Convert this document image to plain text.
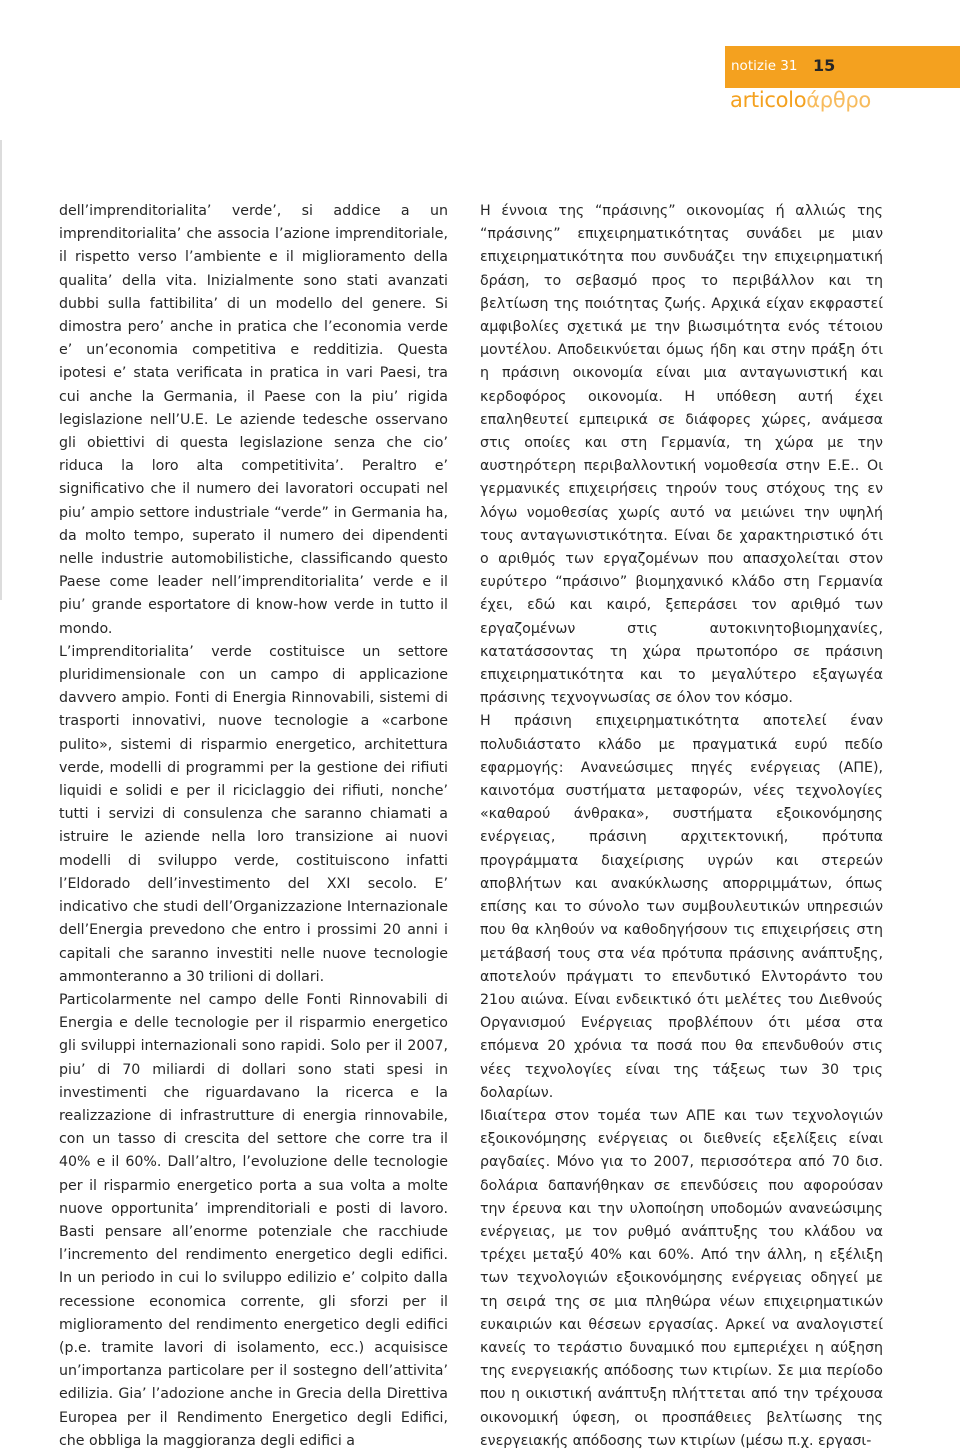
notizie 31 15
articoloάρθρο

dell’imprenditorialita’ verde’, si addice a un imprenditorialita’ che associa l’azione imprenditoriale, il rispetto verso l’ambiente e il miglioramento della qualita’ della vita. Inizialmente sono stati avanzati dubbi sulla fattibilita’ di un modello del genere. Si dimostra pero’ anche in pratica che l’economia verde e’ un’economia competitiva e redditizia. Questa ipotesi e’ stata verificata in pratica in vari Paesi, tra cui anche la Germania, il Paese con la piu’ rigida legislazione nell’U.E. Le aziende tedesche osservano gli obiettivi di questa legislazione senza che cio’ riduca la loro alta competitivita’. Peraltro e’ significativo che il numero dei lavoratori occupati nel piu’ ampio settore industriale “verde” in Germania ha, da molto tempo, superato il numero dei dipendenti nelle industrie automobilistiche, classificando questo Paese come leader nell’imprenditorialita’ verde e il piu’ grande esportatore di know-how verde in tutto il mondo.

L’imprenditorialita’ verde costituisce un settore pluridimensionale con un campo di applicazione davvero ampio. Fonti di Energia Rinnovabili, sistemi di trasporti innovativi, nuove tecnologie a «carbone pulito», sistemi di risparmio energetico, architettura verde, modelli di programmi per la gestione dei rifiuti liquidi e solidi e per il riciclaggio dei rifiuti, nonche’ tutti i servizi di consulenza che saranno chiamati a istruire le aziende nella loro transizione ai nuovi modelli di sviluppo verde, costituiscono infatti l’Eldorado dell’investimento del XXI secolo. E’ indicativo che studi dell’Organizzazione Internazionale dell’Energia prevedono che entro i prossimi 20 anni i capitali che saranno investiti nelle nuove tecnologie ammonteranno a 30 trilioni di dollari.

Particolarmente nel campo delle Fonti Rinnovabili di Energia e delle tecnologie per il risparmio energetico gli sviluppi internazionali sono rapidi. Solo per il 2007, piu’ di 70 miliardi di dollari sono stati spesi in investimenti che riguardavano la ricerca e la realizzazione di infrastrutture di energia rinnovabile, con un tasso di crescita del settore che corre tra il 40% e il 60%. Dall’altro, l’evoluzione delle tecnologie per il risparmio energetico porta a sua volta a molte nuove opportunita’ imprenditoriali e posti di lavoro. Basti pensare all’enorme potenziale che racchiude l’incremento del rendimento energetico degli edifici. In un periodo in cui lo sviluppo edilizio e’ colpito dalla recessione economica corrente, gli sforzi per il miglioramento del rendimento energetico degli edifici (p.e. tramite lavori di isolamento, ecc.) acquisisce un’importanza particolare per il sostegno dell’attivita’ edilizia. Gia’ l’adozione anche in Grecia della Direttiva Europea per il Rendimento Energetico degli Edifici, che obbliga la maggioranza degli edifici a

Η έννοια της “πράσινης” οικονομίας ή αλλιώς της “πράσινης” επιχειρηματικότητας συνάδει με μιαν επιχειρηματικότητα που συνδυάζει την επιχειρηματική δράση, το σεβασμό προς το περιβάλλον και τη βελτίωση της ποιότητας ζωής. Αρχικά είχαν εκφραστεί αμφιβολίες σχετικά με την βιωσιμότητα ενός τέτοιου μοντέλου. Αποδεικνύεται όμως ήδη και στην πράξη ότι η πράσινη οικονομία είναι μια ανταγωνιστική και κερδοφόρος οικονομία. Η υπόθεση αυτή έχει επαληθευτεί εμπειρικά σε διάφορες χώρες, ανάμεσα στις οποίες και στη Γερμανία, τη χώρα με την αυστηρότερη περιβαλλοντική νομοθεσία στην Ε.Ε.. Οι γερμανικές επιχειρήσεις τηρούν τους στόχους της εν λόγω νομοθεσίας χωρίς αυτό να μειώνει την υψηλή τους ανταγωνιστικότητα. Είναι δε χαρακτηριστικό ότι ο αριθμός των εργαζομένων που απασχολείται στον ευρύτερο “πράσινο” βιομηχανικό κλάδο στη Γερμανία έχει, εδώ και καιρό, ξεπεράσει τον αριθμό των εργαζομένων στις αυτοκινητοβιομηχανίες, κατατάσσοντας τη χώρα πρωτοπόρο σε πράσινη επιχειρηματικότητα και το μεγαλύτερο εξαγωγέα πράσινης τεχνογνωσίας σε όλον τον κόσμο.

Η πράσινη επιχειρηματικότητα αποτελεί έναν πολυδιάστατο κλάδο με πραγματικά ευρύ πεδίο εφαρμογής: Ανανεώσιμες πηγές ενέργειας (ΑΠΕ), καινοτόμα συστήματα μεταφορών, νέες τεχνολογίες «καθαρού άνθρακα», συστήματα εξοικονόμησης ενέργειας, πράσινη αρχιτεκτονική, πρότυπα προγράμματα διαχείρισης υγρών και στερεών αποβλήτων και ανακύκλωσης απορριμμάτων, όπως επίσης και το σύνολο των συμβουλευτικών υπηρεσιών που θα κληθούν να καθοδηγήσουν τις επιχειρήσεις στη μετάβασή τους στα νέα πρότυπα πράσινης ανάπτυξης, αποτελούν πράγματι το επενδυτικό Ελντοράντο του 21ου αιώνα. Είναι ενδεικτικό ότι μελέτες του Διεθνούς Οργανισμού Ενέργειας προβλέπουν ότι μέσα στα επόμενα 20 χρόνια τα ποσά που θα επενδυθούν στις νέες τεχνολογίες είναι της τάξεως των 30 τρις δολαρίων.

Ιδιαίτερα στον τομέα των ΑΠΕ και των τεχνολογιών εξοικονόμησης ενέργειας οι διεθνείς εξελίξεις είναι ραγδαίες. Μόνο για το 2007, περισσότερα από 70 δισ. δολάρια δαπανήθηκαν σε επενδύσεις που αφορούσαν την έρευνα και την υλοποίηση υποδομών ανανεώσιμης ενέργειας, με τον ρυθμό ανάπτυξης του κλάδου να τρέχει μεταξύ 40% και 60%. Από την άλλη, η εξέλιξη των τεχνολογιών εξοικονόμησης ενέργειας οδηγεί με τη σειρά της σε μια πληθώρα νέων επιχειρηματικών ευκαιριών και θέσεων εργασίας. Αρκεί να αναλογιστεί κανείς το τεράστιο δυναμικό που εμπεριέχει η αύξηση της ενεργειακής απόδοσης των κτιρίων. Σε μια περίοδο που η οικιστική ανάπτυξη πλήττεται από την τρέχουσα οικονομική ύφεση, οι προσπάθειες βελτίωσης της ενεργειακής απόδοσης των κτιρίων (μέσω π.χ. εργασι-
